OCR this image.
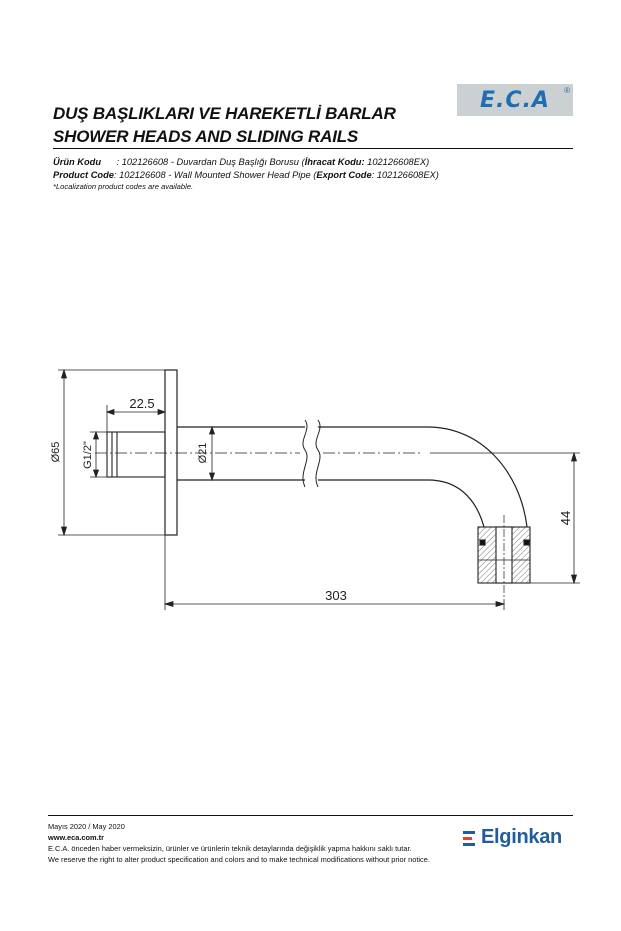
DUŞ BAŞLIKLARI VE HAREKETLİ BARLAR
SHOWER HEADS AND SLIDING RAILS
E.C.A	®
Ürün Kodu : 102126608 - Duvardan Duş Başlığı Borusu (İhracat Kodu: 102126608EX)
Product Code: 102126608 - Wall Mounted Shower Head Pipe (Export Code: 102126608EX)
*Localization product codes are available.
Ø65 G1/2"
22.5
Ø21
44
303
Mayıs 2020 / May 2020
www.eca.com.tr
E.C.A. önceden haber vermeksizin, ürünler ve ürünlerin teknik detaylarında değişiklik yapma hakkını saklı tutar.
We reserve the right to alter product specification and colors and to make technical modifications without prior notice.
Elginkan
